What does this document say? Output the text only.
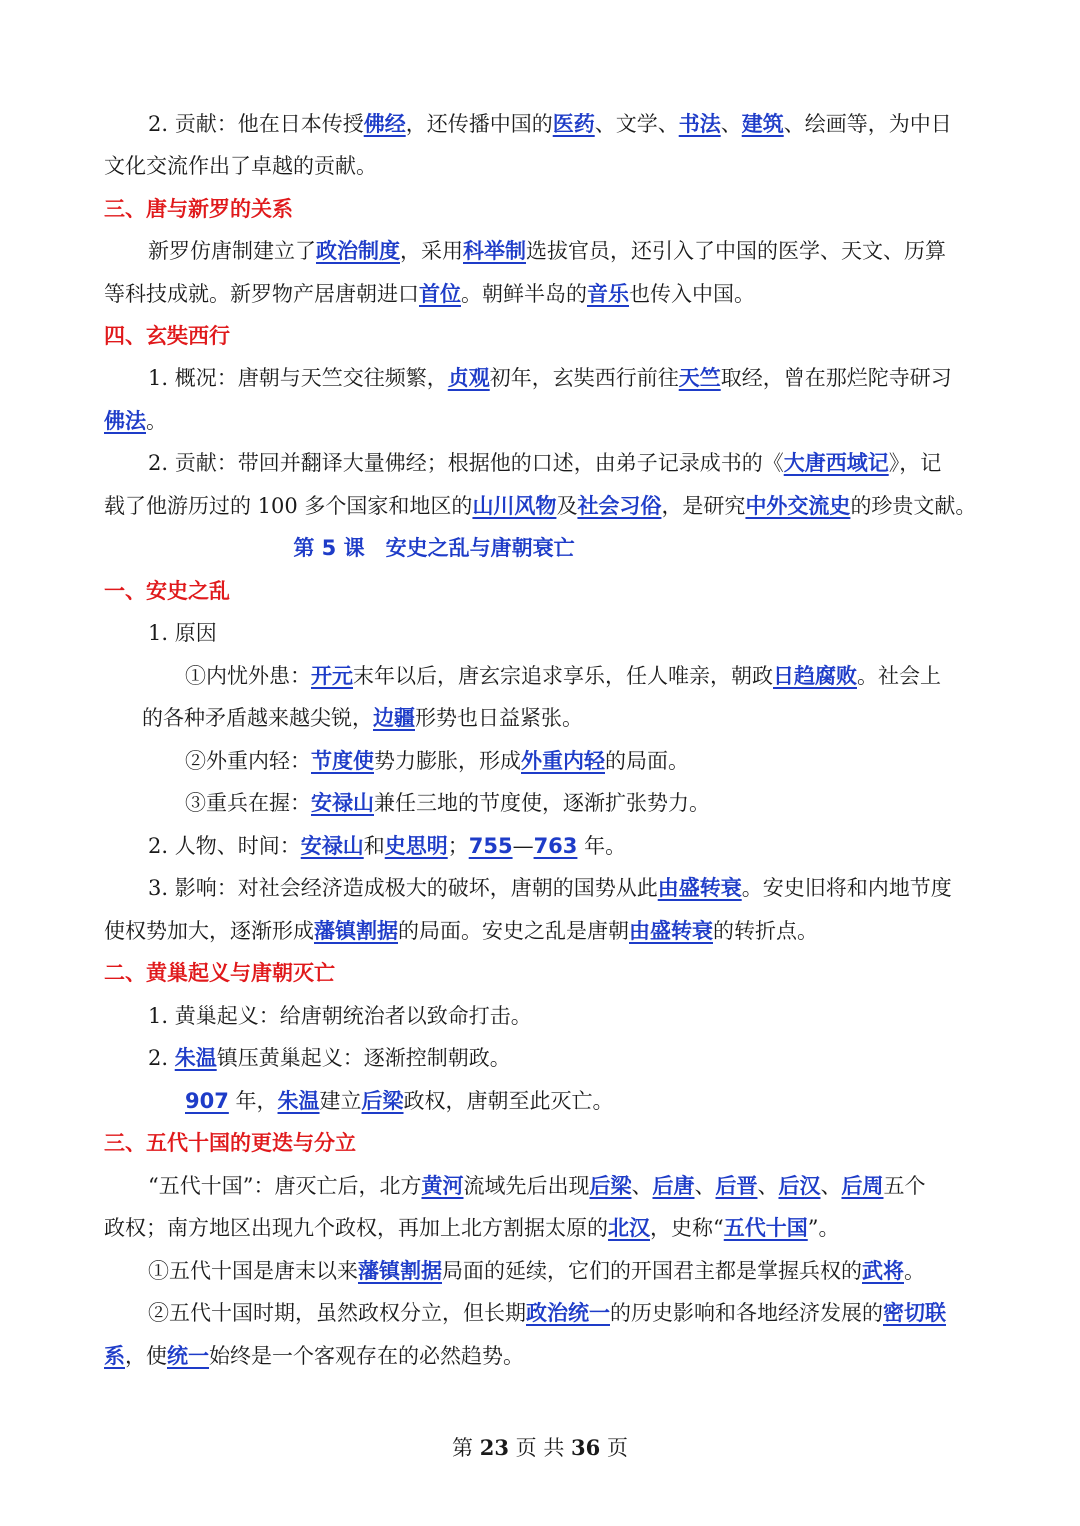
2. 贡献：他在日本传授佛经，还传播中国的医药、文学、书法、建筑、绘画等，为中日
文化交流作出了卓越的贡献。
三、唐与新罗的关系
新罗仿唐制建立了政治制度，采用科举制选拔官员，还引入了中国的医学、天文、历算
等科技成就。新罗物产居唐朝进口首位。朝鲜半岛的音乐也传入中国。
四、玄奘西行
1. 概况：唐朝与天竺交往频繁，贞观初年，玄奘西行前往天竺取经，曾在那烂陀寺研习
佛法。
2. 贡献：带回并翻译大量佛经；根据他的口述，由弟子记录成书的《大唐西域记》，记
载了他游历过的 100 多个国家和地区的山川风物及社会习俗，是研究中外交流史的珍贵文献。
第 5 课　安史之乱与唐朝衰亡
一、安史之乱
1. 原因
①内忧外患：开元末年以后，唐玄宗追求享乐，任人唯亲，朝政日趋腐败。社会上
的各种矛盾越来越尖锐，边疆形势也日益紧张。
②外重内轻：节度使势力膨胀，形成外重内轻的局面。
③重兵在握：安禄山兼任三地的节度使，逐渐扩张势力。
2. 人物、时间：安禄山和史思明；755—763 年。
3. 影响：对社会经济造成极大的破坏，唐朝的国势从此由盛转衰。安史旧将和内地节度
使权势加大，逐渐形成藩镇割据的局面。安史之乱是唐朝由盛转衰的转折点。
二、黄巢起义与唐朝灭亡
1. 黄巢起义：给唐朝统治者以致命打击。
2. 朱温镇压黄巢起义：逐渐控制朝政。
907 年，朱温建立后梁政权，唐朝至此灭亡。
三、五代十国的更迭与分立
“五代十国”：唐灭亡后，北方黄河流域先后出现后梁、后唐、后晋、后汉、后周五个
政权；南方地区出现九个政权，再加上北方割据太原的北汉，史称“五代十国”。
①五代十国是唐末以来藩镇割据局面的延续，它们的开国君主都是掌握兵权的武将。
②五代十国时期，虽然政权分立，但长期政治统一的历史影响和各地经济发展的密切联
系，使统一始终是一个客观存在的必然趋势。
第 23 页 共 36 页
